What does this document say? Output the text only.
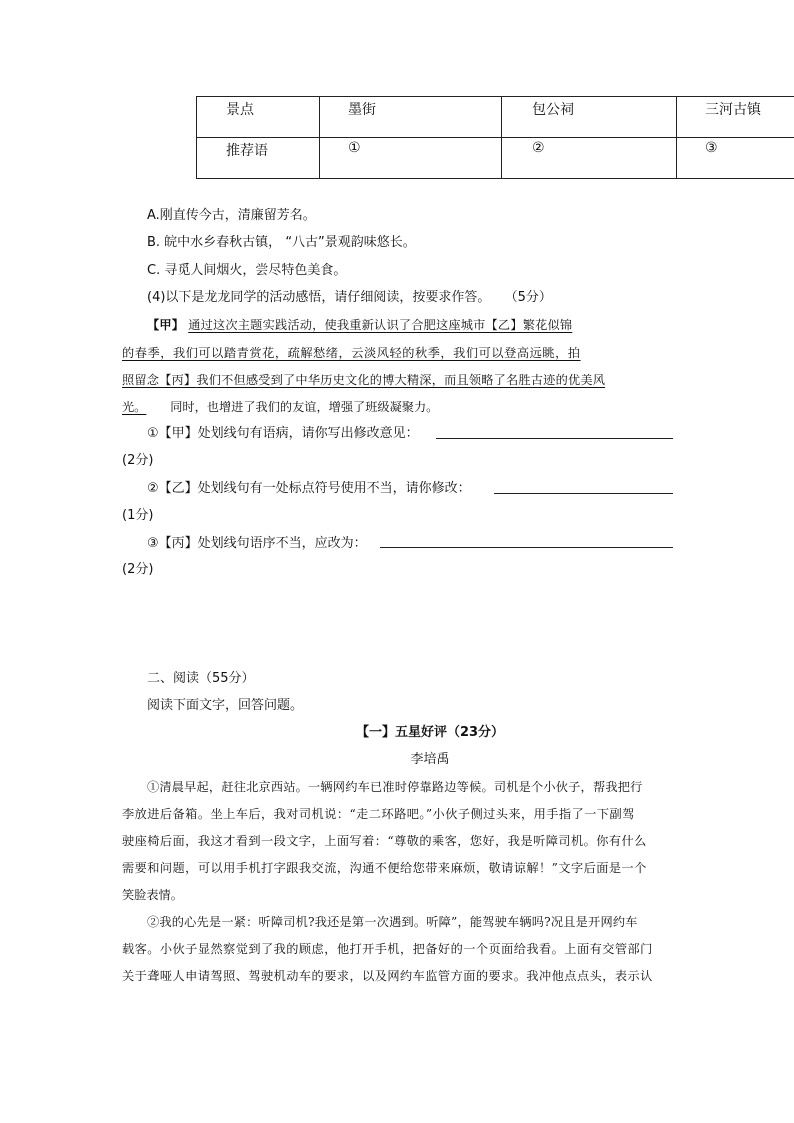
景点	墨街	包公祠	三河古镇
推荐语	①	②	③
A.刚直传今古，清廉留芳名。
B. 皖中水乡春秋古镇， “八古”景观韵味悠长。
C. 寻觅人间烟火，尝尽特色美食。
(4)以下是龙龙同学的活动感悟，请仔细阅读，按要求作答。 （5分）
【甲】 通过这次主题实践活动，使我重新认识了合肥这座城市【乙】繁花似锦
的春季，我们可以踏青赏花，疏解愁绪，云淡风轻的秋季，我们可以登高远眺，拍
照留念【丙】我们不但感受到了中华历史文化的博大精深，而且领略了名胜古迹的优美风
光。 同时，也增进了我们的友谊，增强了班级凝聚力。
①【甲】处划线句有语病，请你写出修改意见：
(2分)
②【乙】处划线句有一处标点符号使用不当，请你修改：
(1分)
③【丙】处划线句语序不当，应改为：
(2分)
二、阅读（55分）
阅读下面文字，回答问题。
【一】五星好评（23分）
李培禹
①清晨早起，赶往北京西站。一辆网约车已准时停靠路边等候。司机是个小伙子，帮我把行
李放进后备箱。坐上车后，我对司机说：“走二环路吧。”小伙子侧过头来，用手指了一下副驾
驶座椅后面，我这才看到一段文字，上面写着：“尊敬的乘客，您好，我是听障司机。你有什么
需要和问题，可以用手机打字跟我交流，沟通不便给您带来麻烦，敬请谅解！”文字后面是一个
笑脸表情。
②我的心先是一紧：听障司机?我还是第一次遇到。听障”，能驾驶车辆吗?况且是开网约车
载客。小伙子显然察觉到了我的顾虑，他打开手机，把备好的一个页面给我看。上面有交管部门
关于聋哑人申请驾照、驾驶机动车的要求，以及网约车监管方面的要求。我冲他点点头，表示认
